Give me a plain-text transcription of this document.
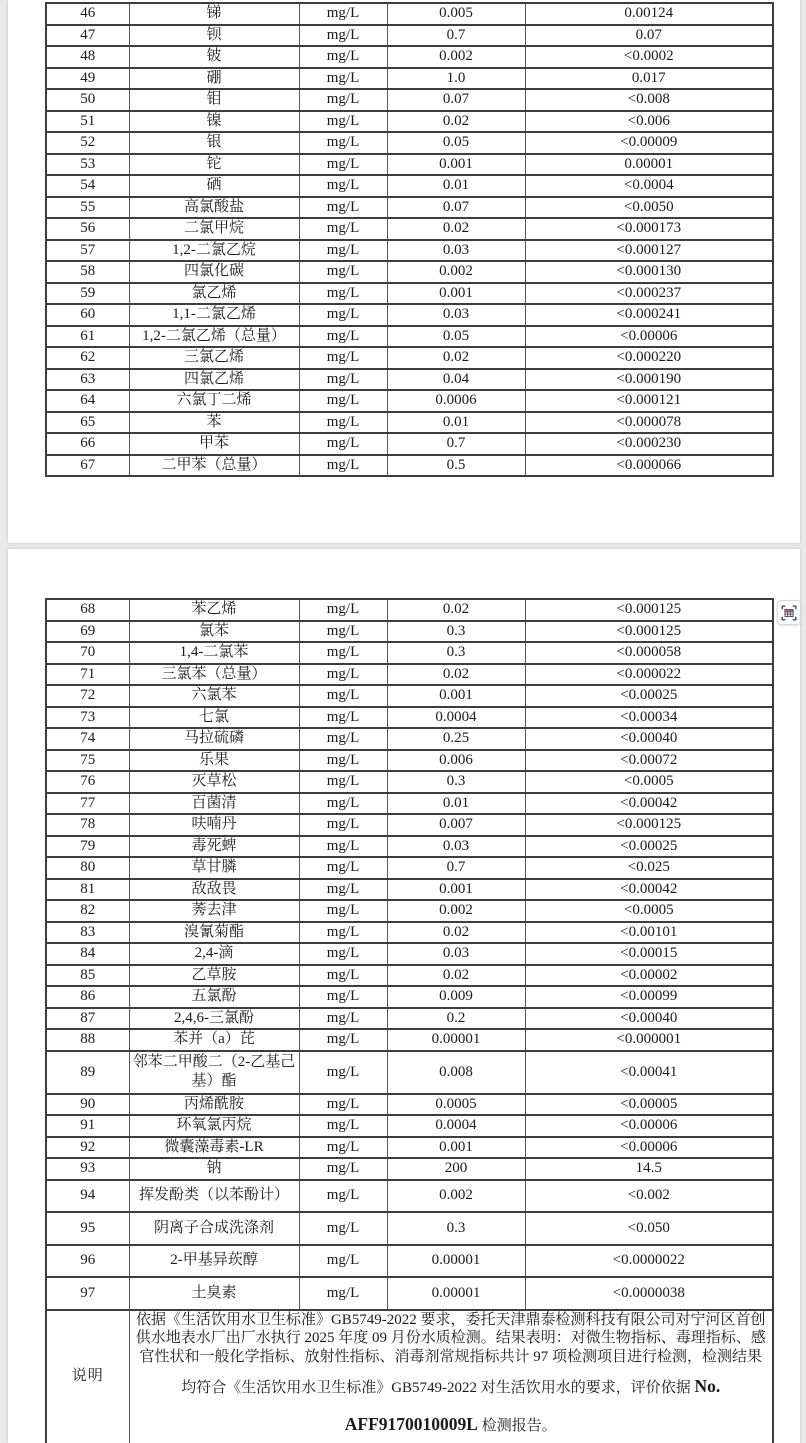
46	锑	mg/L	0.005	0.00124
47	钡	mg/L	0.7	0.07
48	铍	mg/L	0.002	<0.0002
49	硼	mg/L	1.0	0.017
50	钼	mg/L	0.07	<0.008
51	镍	mg/L	0.02	<0.006
52	银	mg/L	0.05	<0.00009
53	铊	mg/L	0.001	0.00001
54	硒	mg/L	0.01	<0.0004
55	高氯酸盐	mg/L	0.07	<0.0050
56	二氯甲烷	mg/L	0.02	<0.000173
57	1,2-二氯乙烷	mg/L	0.03	<0.000127
58	四氯化碳	mg/L	0.002	<0.000130
59	氯乙烯	mg/L	0.001	<0.000237
60	1,1-二氯乙烯	mg/L	0.03	<0.000241
61	1,2-二氯乙烯（总量）	mg/L	0.05	<0.00006
62	三氯乙烯	mg/L	0.02	<0.000220
63	四氯乙烯	mg/L	0.04	<0.000190
64	六氯丁二烯	mg/L	0.0006	<0.000121
65	苯	mg/L	0.01	<0.000078
66	甲苯	mg/L	0.7	<0.000230
67	二甲苯（总量）	mg/L	0.5	<0.000066
68	苯乙烯	mg/L	0.02	<0.000125
69	氯苯	mg/L	0.3	<0.000125
70	1,4-二氯苯	mg/L	0.3	<0.000058
71	三氯苯（总量）	mg/L	0.02	<0.000022
72	六氯苯	mg/L	0.001	<0.00025
73	七氯	mg/L	0.0004	<0.00034
74	马拉硫磷	mg/L	0.25	<0.00040
75	乐果	mg/L	0.006	<0.00072
76	灭草松	mg/L	0.3	<0.0005
77	百菌清	mg/L	0.01	<0.00042
78	呋喃丹	mg/L	0.007	<0.000125
79	毒死蜱	mg/L	0.03	<0.00025
80	草甘膦	mg/L	0.7	<0.025
81	敌敌畏	mg/L	0.001	<0.00042
82	莠去津	mg/L	0.002	<0.0005
83	溴氰菊酯	mg/L	0.02	<0.00101
84	2,4-滴	mg/L	0.03	<0.00015
85	乙草胺	mg/L	0.02	<0.00002
86	五氯酚	mg/L	0.009	<0.00099
87	2,4,6-三氯酚	mg/L	0.2	<0.00040
88	苯并（a）芘	mg/L	0.00001	<0.000001
89	邻苯二甲酸二（2-乙基己基）酯	mg/L	0.008	<0.00041
90	丙烯酰胺	mg/L	0.0005	<0.00005
91	环氧氯丙烷	mg/L	0.0004	<0.00006
92	微囊藻毒素-LR	mg/L	0.001	<0.00006
93	钠	mg/L	200	14.5
94	挥发酚类（以苯酚计）	mg/L	0.002	<0.002
95	阴离子合成洗涤剂	mg/L	0.3	<0.050
96	2-甲基异莰醇	mg/L	0.00001	<0.0000022
97	土臭素	mg/L	0.00001	<0.0000038
说明	依据《生活饮用水卫生标准》GB5749-2022 要求，委托天津鼎泰检测科技有限公司对宁河区首创供水地表水厂出厂水执行 2025 年度 09 月份水质检测。结果表明：对微生物指标、毒理指标、感官性状和一般化学指标、放射性指标、消毒剂常规指标共计 97 项检测项目进行检测，检测结果均符合《生活饮用水卫生标准》GB5749-2022 对生活饮用水的要求，评价依据 No. AFF9170010009L 检测报告。			
